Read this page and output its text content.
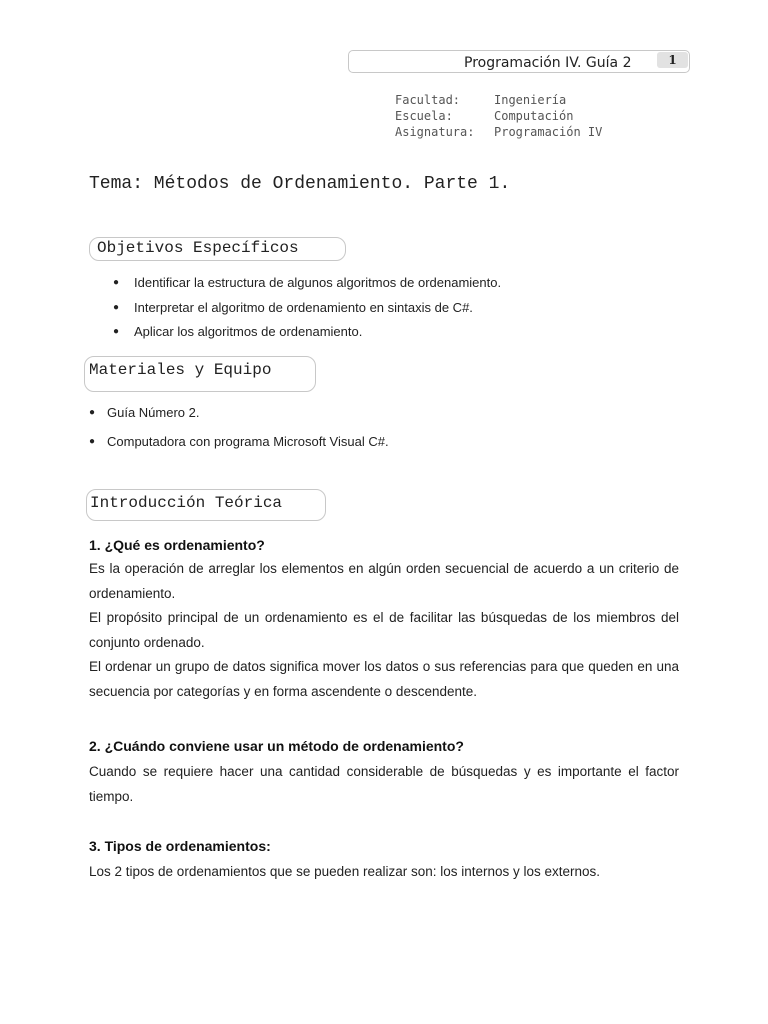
Programación IV. Guía 2	1
Facultad:	Ingeniería
Escuela:	Computación
Asignatura:	Programación IV
Tema: Métodos de Ordenamiento. Parte 1.
Objetivos Específicos
●	Identificar la estructura de algunos algoritmos de ordenamiento.
●	Interpretar el algoritmo de ordenamiento en sintaxis de C#.
●	Aplicar los algoritmos de ordenamiento.
Materiales y Equipo
● Guía Número 2.
● Computadora con programa Microsoft Visual C#.
Introducción Teórica
1. ¿Qué es ordenamiento?
Es la operación de arreglar los elementos en algún orden secuencial de acuerdo a un criterio de ordenamiento.
El propósito principal de un ordenamiento es el de facilitar las búsquedas de los miembros del conjunto ordenado.
El ordenar un grupo de datos significa mover los datos o sus referencias para que queden en una secuencia por categorías y en forma ascendente o descendente.
2. ¿Cuándo conviene usar un método de ordenamiento?
Cuando se requiere hacer una cantidad considerable de búsquedas y es importante el factor tiempo.
3. Tipos de ordenamientos:
Los 2 tipos de ordenamientos que se pueden realizar son: los internos y los externos.
